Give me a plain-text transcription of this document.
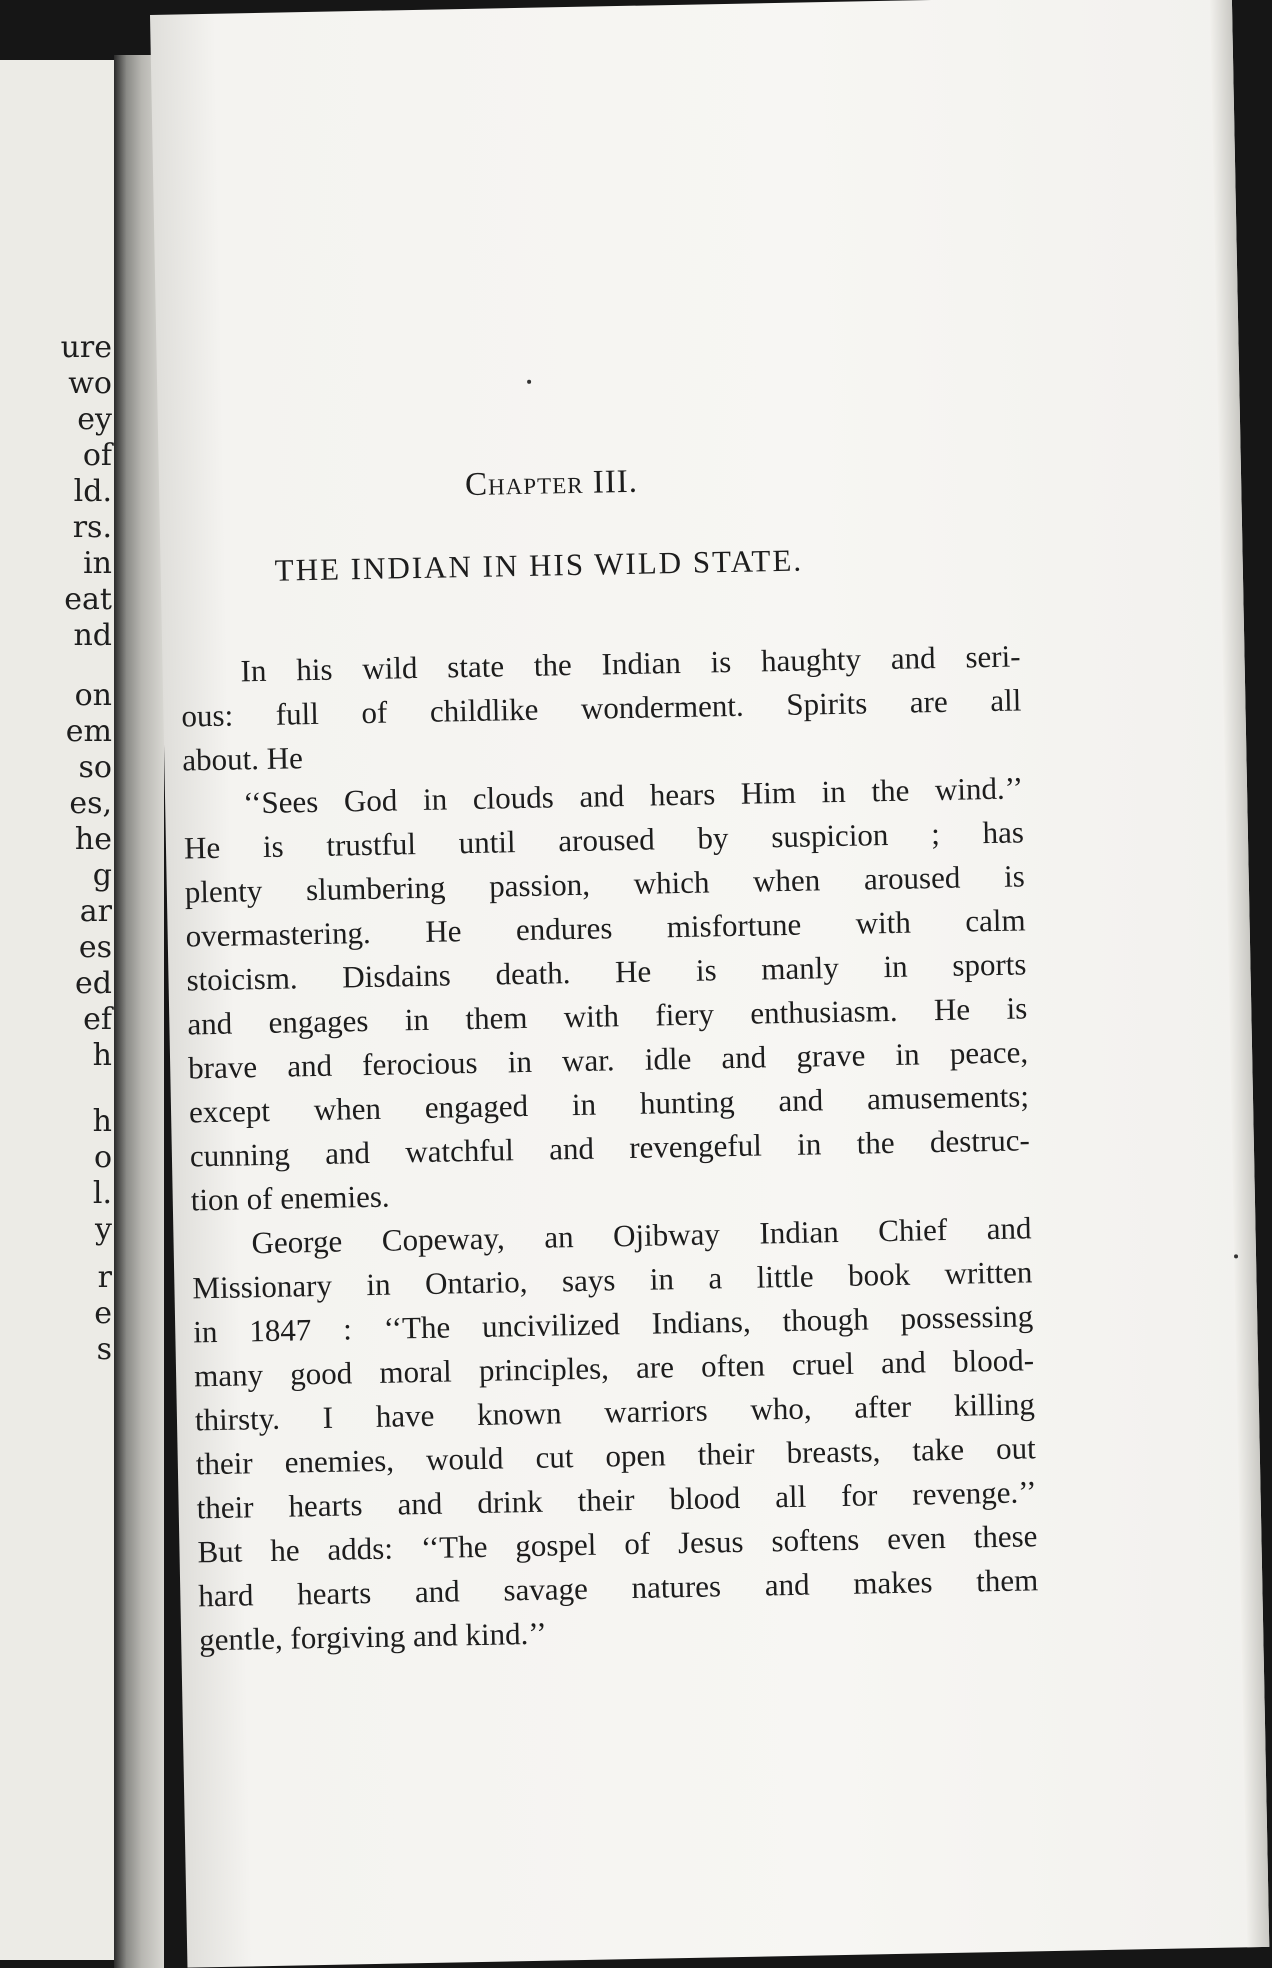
ure
wo
ey
of
ld.
rs.
in
eat
nd
on
em
so
es,
he
g
ar
es
ed
ef
h
h
o
l.
y
r
e
s
Chapter III.
THE INDIAN IN HIS WILD STATE.
In his wild state the Indian is haughty and seri-
ous: full of childlike wonderment. Spirits are all
about. He
‘‘Sees God in clouds and hears Him in the wind.’’
He is trustful until aroused by suspicion ; has
plenty slumbering passion, which when aroused is
overmastering. He endures misfortune with calm
stoicism. Disdains death. He is manly in sports
and engages in them with fiery enthusiasm. He is
brave and ferocious in war. idle and grave in peace,
except when engaged in hunting and amusements;
cunning and watchful and revengeful in the destruc-
tion of enemies.
George Copeway, an Ojibway Indian Chief and
Missionary in Ontario, says in a little book written
in 1847 : ‘‘The uncivilized Indians, though possessing
many good moral principles, are often cruel and blood-
thirsty. I have known warriors who, after killing
their enemies, would cut open their breasts, take out
their hearts and drink their blood all for revenge.’’
But he adds: ‘‘The gospel of Jesus softens even these
hard hearts and savage natures and makes them
gentle, forgiving and kind.’’
